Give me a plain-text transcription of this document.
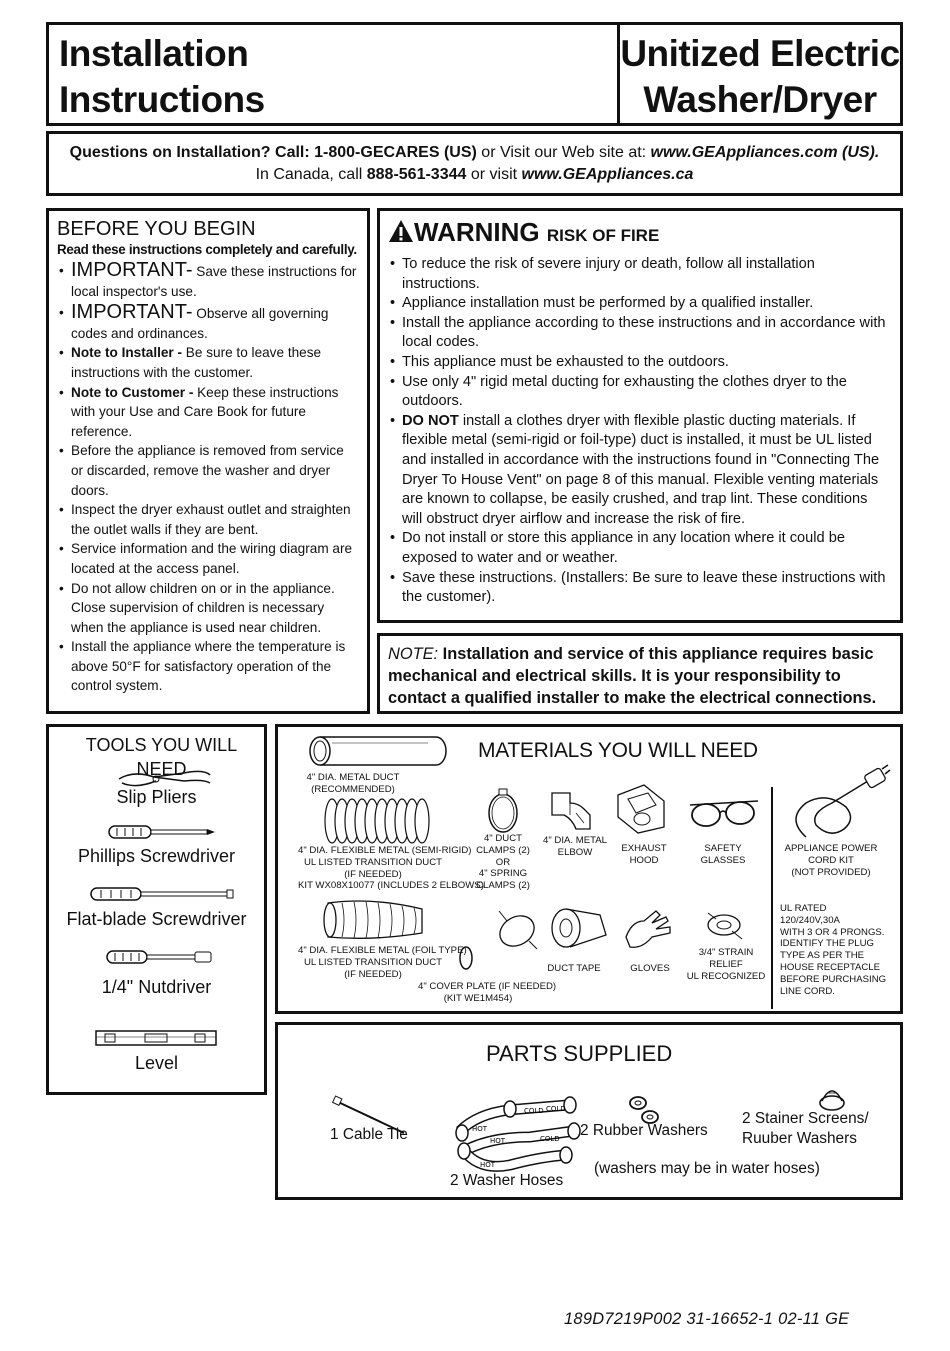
Installation
Instructions
Unitized Electric
Washer/Dryer
Questions on Installation? Call: 1-800-GECARES (US) or Visit our Web site at: www.GEAppliances.com (US).
In Canada, call 888-561-3344 or visit www.GEAppliances.ca
BEFORE YOU BEGIN
Read these instructions completely and carefully.
• IMPORTANT- Save these instructions for local inspector's use.
• IMPORTANT- Observe all governing codes and ordinances.
• Note to Installer - Be sure to leave these instructions with the customer.
• Note to Customer - Keep these instructions with your Use and Care Book for future reference.
• Before the appliance is removed from service or discarded, remove the washer and dryer doors.
• Inspect the dryer exhaust outlet and straighten the outlet walls if they are bent.
• Service information and the wiring diagram are located at the access panel.
• Do not allow children on or in the appliance. Close supervision of children is necessary when the appliance is used near children.
• Install the appliance where the temperature is above 50°F for satisfactory operation of the control system.
WARNING RISK OF FIRE
• To reduce the risk of severe injury or death, follow all installation instructions.
• Appliance installation must be performed by a qualified installer.
• Install the appliance according to these instructions and in accordance with local codes.
• This appliance must be exhausted to the outdoors.
• Use only 4" rigid metal ducting for exhausting the clothes dryer to the outdoors.
• DO NOT install a clothes dryer with flexible plastic ducting materials. If flexible metal (semi-rigid or foil-type) duct is installed, it must be UL listed and installed in accordance with the instructions found in "Connecting The Dryer To House Vent" on page 8 of this manual. Flexible venting materials are known to collapse, be easily crushed, and trap lint. These conditions will obstruct dryer airflow and increase the risk of fire.
• Do not install or store this appliance in any location where it could be exposed to water and or weather.
• Save these instructions. (Installers: Be sure to leave these instructions with the customer).
NOTE: Installation and service of this appliance requires basic mechanical and electrical skills. It is your responsibility to contact a qualified installer to make the electrical connections.
TOOLS YOU WILL NEED
Slip Pliers
Phillips Screwdriver
Flat-blade Screwdriver
1/4" Nutdriver
Level
MATERIALS YOU WILL NEED
4" DIA. METAL DUCT
(RECOMMENDED)
4" DIA. FLEXIBLE METAL (SEMI-RIGID)
UL LISTED TRANSITION DUCT
(IF NEEDED)
KIT WX08X10077 (INCLUDES 2 ELBOWS)
4" DIA. FLEXIBLE METAL (FOIL TYPE)
UL LISTED TRANSITION DUCT
(IF NEEDED)
4" COVER PLATE (IF NEEDED)
(KIT WE1M454)
4" DUCT
CLAMPS (2)
OR
4" SPRING
CLAMPS (2)
4" DIA. METAL
ELBOW	EXHAUST
HOOD
SAFETY
GLASSES
DUCT TAPE	GLOVES
3/4" STRAIN
RELIEF
UL RECOGNIZED
APPLIANCE POWER
CORD KIT
(NOT PROVIDED)
UL RATED
120/240V,30A
WITH 3 OR 4 PRONGS.
IDENTIFY THE PLUG
TYPE AS PER THE
HOUSE RECEPTACLE
BEFORE PURCHASING
LINE CORD.
PARTS SUPPLIED
1 Cable Tie
COLD COLD
HOT
HOT
HOT
COLD
2 Washer Hoses
2 Rubber Washers
2 Stainer Screens/
Ruuber Washers
(washers may be in water hoses)
189D7219P002 31-16652-1 02-11 GE
